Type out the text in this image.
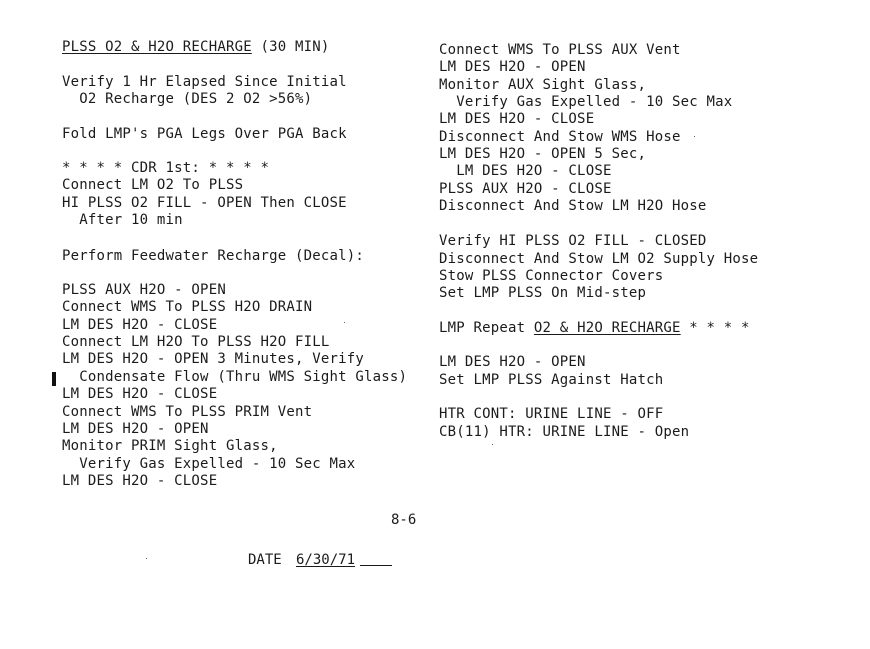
PLSS O2 & H2O RECHARGE (30 MIN)
Verify 1 Hr Elapsed Since Initial
O2 Recharge (DES 2 O2 >56%)
Fold LMP's PGA Legs Over PGA Back
* * * * CDR 1st: * * * *
Connect LM O2 To PLSS
HI PLSS O2 FILL - OPEN Then CLOSE
After 10 min
Perform Feedwater Recharge (Decal):
PLSS AUX H2O - OPEN
Connect WMS To PLSS H2O DRAIN
LM DES H2O - CLOSE
Connect LM H2O To PLSS H2O FILL
LM DES H2O - OPEN 3 Minutes, Verify
Condensate Flow (Thru WMS Sight Glass)
LM DES H2O - CLOSE
Connect WMS To PLSS PRIM Vent
LM DES H2O - OPEN
Monitor PRIM Sight Glass,
Verify Gas Expelled - 10 Sec Max
LM DES H2O - CLOSE
Connect WMS To PLSS AUX Vent
LM DES H2O - OPEN
Monitor AUX Sight Glass,
Verify Gas Expelled - 10 Sec Max
LM DES H2O - CLOSE
Disconnect And Stow WMS Hose
LM DES H2O - OPEN 5 Sec,
LM DES H2O - CLOSE
PLSS AUX H2O - CLOSE
Disconnect And Stow LM H2O Hose
Verify HI PLSS O2 FILL - CLOSED
Disconnect And Stow LM O2 Supply Hose
Stow PLSS Connector Covers
Set LMP PLSS On Mid-step
LMP Repeat O2 & H2O RECHARGE * * * *
LM DES H2O - OPEN
Set LMP PLSS Against Hatch
HTR CONT: URINE LINE - OFF
CB(11) HTR: URINE LINE - Open
8-6
DATE 6/30/71
